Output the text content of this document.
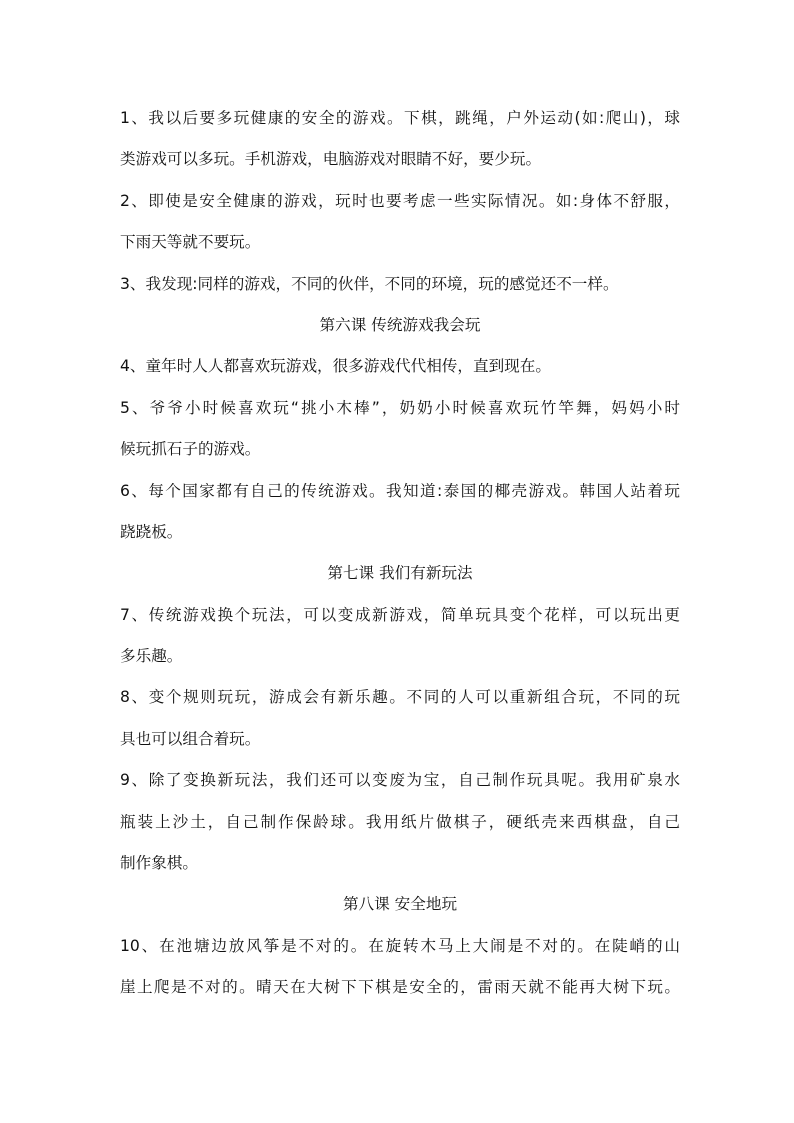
1、我以后要多玩健康的安全的游戏。下棋，跳绳，户外运动(如:爬山)，球
类游戏可以多玩。手机游戏，电脑游戏对眼睛不好，要少玩。
2、即使是安全健康的游戏，玩时也要考虑一些实际情况。如:身体不舒服，
下雨天等就不要玩。
3、我发现:同样的游戏，不同的伙伴，不同的环境，玩的感觉还不一样。
第六课 传统游戏我会玩
4、童年时人人都喜欢玩游戏，很多游戏代代相传，直到现在。
5、爷爷小时候喜欢玩“挑小木棒”，奶奶小时候喜欢玩竹竿舞，妈妈小时
候玩抓石子的游戏。
6、每个国家都有自己的传统游戏。我知道:泰国的椰壳游戏。韩国人站着玩
跷跷板。
第七课 我们有新玩法
7、传统游戏换个玩法，可以变成新游戏，简单玩具变个花样，可以玩出更
多乐趣。
8、变个规则玩玩，游成会有新乐趣。不同的人可以重新组合玩，不同的玩
具也可以组合着玩。
9、除了变换新玩法，我们还可以变废为宝，自己制作玩具呢。我用矿泉水
瓶装上沙土，自己制作保龄球。我用纸片做棋子，硬纸壳来西棋盘，自己
制作象棋。
第八课 安全地玩
10、在池塘边放风筝是不对的。在旋转木马上大闹是不对的。在陡峭的山
崖上爬是不对的。晴天在大树下下棋是安全的，雷雨天就不能再大树下玩。
